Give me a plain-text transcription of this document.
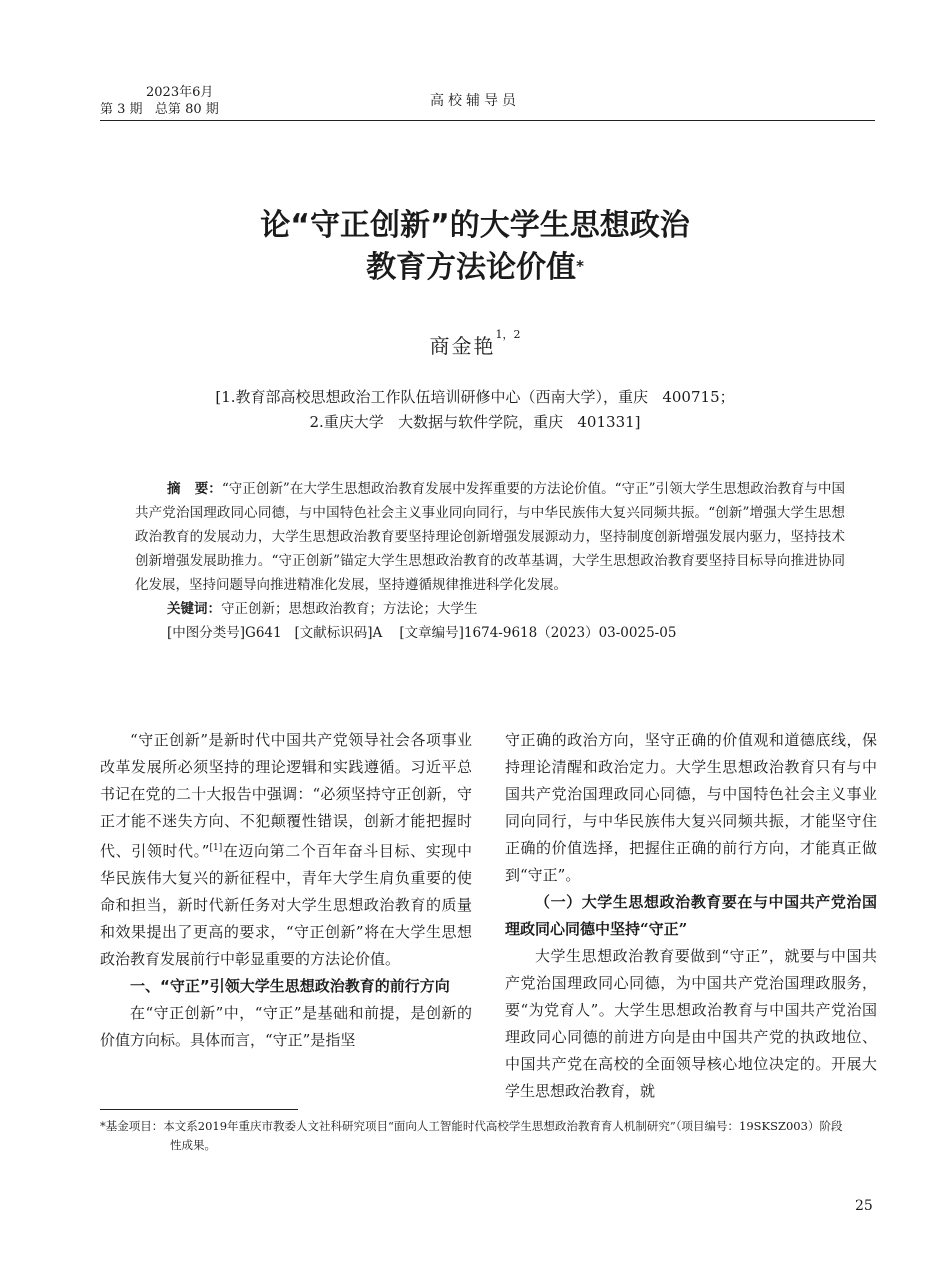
2023年6月
第 3 期   总第 80 期
高校辅导员
论“守正创新”的大学生思想政治
教育方法论价值*
商金艳$^{1,2}$
[1.教育部高校思想政治工作队伍培训研修中心（西南大学），重庆   400715；
2.重庆大学   大数据与软件学院，重庆   401331]

摘   要：“守正创新”在大学生思想政治教育发展中发挥重要的方法论价值。“守正”引领大学生思想政治教育与中国共产党治国理政同心同德，与中国特色社会主义事业同向同行，与中华民族伟大复兴同频共振。“创新”增强大学生思想政治教育的发展动力，大学生思想政治教育要坚持理论创新增强发展源动力，坚持制度创新增强发展内驱力，坚持技术创新增强发展助推力。“守正创新”锚定大学生思想政治教育的改革基调，大学生思想政治教育要坚持目标导向推进协同化发展，坚持问题导向推进精准化发展，坚持遵循规律推进科学化发展。

关键词：守正创新；思想政治教育；方法论；大学生

[中图分类号]G641   [文献标识码]A    [文章编号]1674-9618（2023）03-0025-05

“守正创新”是新时代中国共产党领导社会各项事业改革发展所必须坚持的理论逻辑和实践遵循。习近平总书记在党的二十大报告中强调：“必须坚持守正创新，守正才能不迷失方向、不犯颠覆性错误，创新才能把握时代、引领时代。”[1]在迈向第二个百年奋斗目标、实现中华民族伟大复兴的新征程中，青年大学生肩负重要的使命和担当，新时代新任务对大学生思想政治教育的质量和效果提出了更高的要求，“守正创新”将在大学生思想政治教育发展前行中彰显重要的方法论价值。

一、“守正”引领大学生思想政治教育的前行方向

在“守正创新”中，“守正”是基础和前提，是创新的价值方向标。具体而言，“守正”是指坚

守正确的政治方向，坚守正确的价值观和道德底线，保持理论清醒和政治定力。大学生思想政治教育只有与中国共产党治国理政同心同德，与中国特色社会主义事业同向同行，与中华民族伟大复兴同频共振，才能坚守住正确的价值选择，把握住正确的前行方向，才能真正做到“守正”。

（一）大学生思想政治教育要在与中国共产党治国理政同心同德中坚持“守正”

大学生思想政治教育要做到“守正”，就要与中国共产党治国理政同心同德，为中国共产党治国理政服务，要“为党育人”。大学生思想政治教育与中国共产党治国理政同心同德的前进方向是由中国共产党的执政地位、中国共产党在高校的全面领导核心地位决定的。开展大学生思想政治教育，就

*基金项目：本文系2019年重庆市教委人文社科研究项目“面向人工智能时代高校学生思想政治教育育人机制研究”（项目编号：19SKSZ003）阶段
性成果。
25
